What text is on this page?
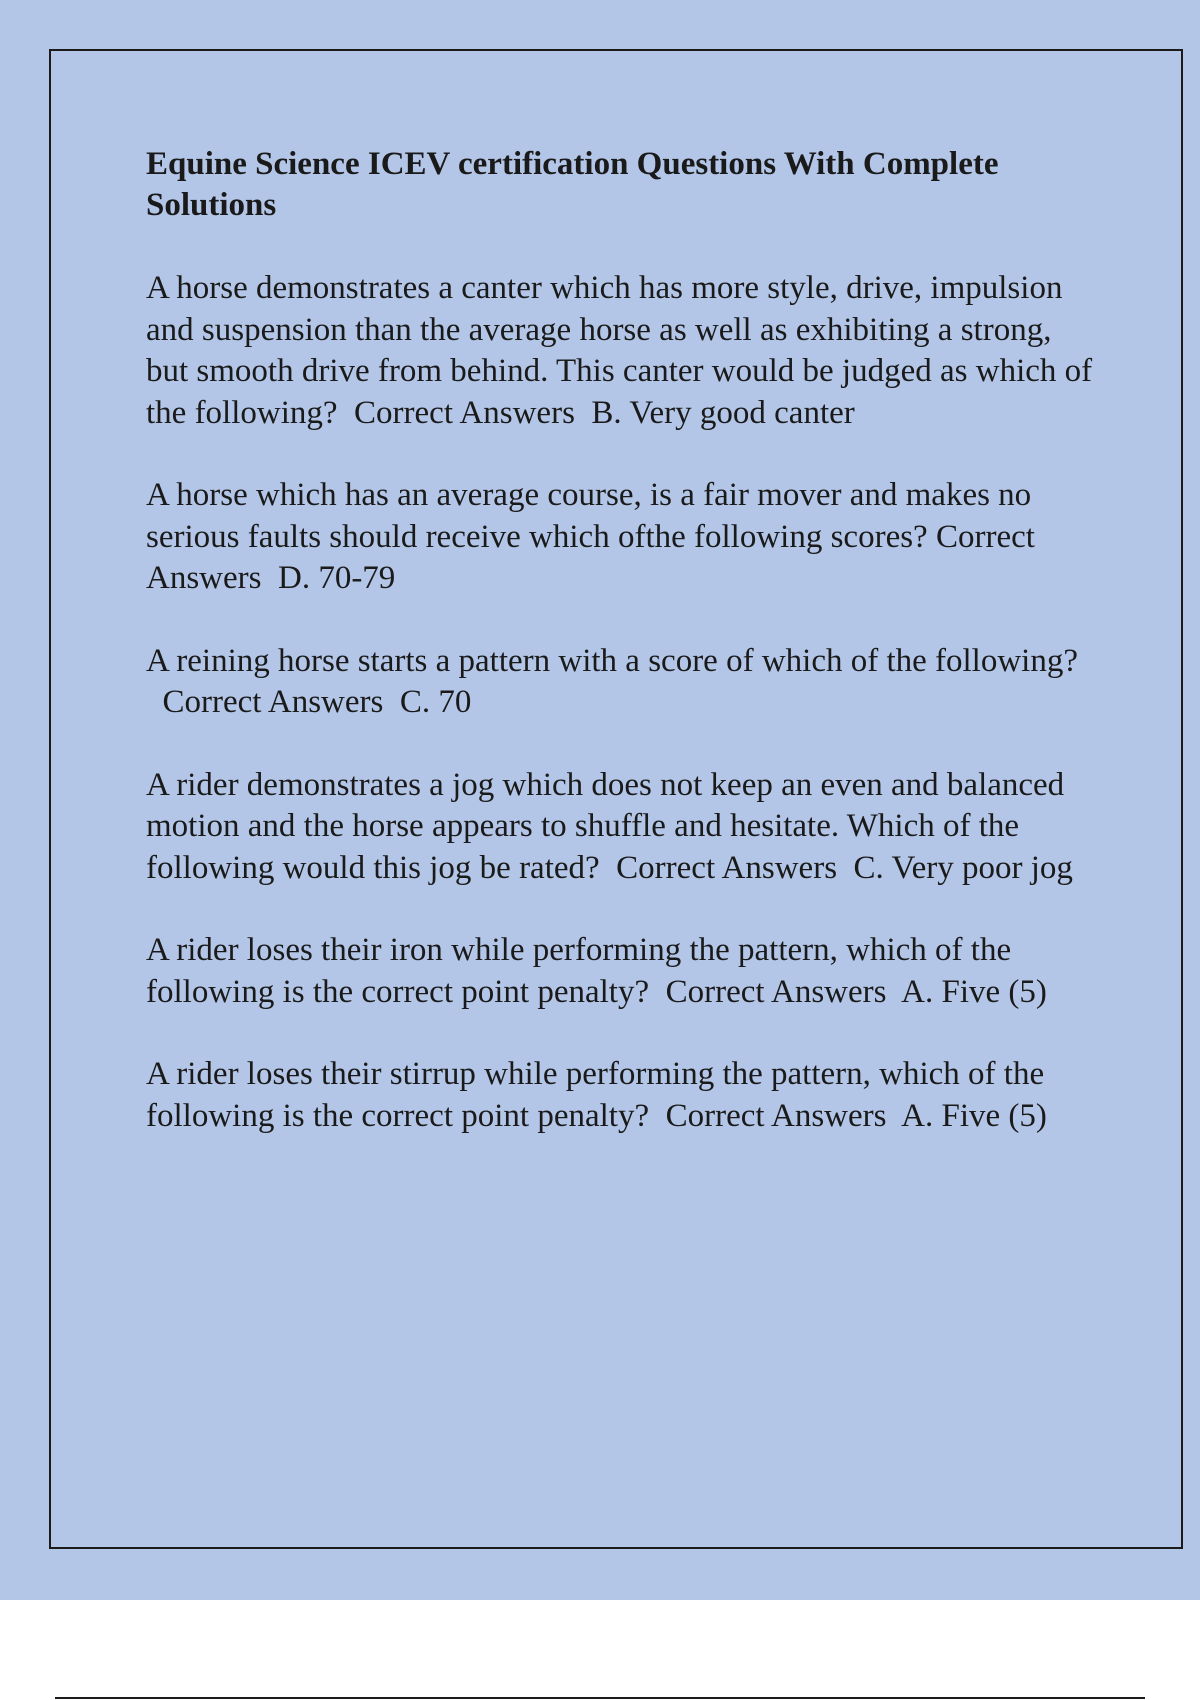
Equine Science ICEV certification Questions With Complete Solutions

A horse demonstrates a canter which has more style, drive, impulsion and suspension than the average horse as well as exhibiting a strong, but smooth drive from behind. This canter would be judged as which of the following? Correct Answers B. Very good canter

A horse which has an average course, is a fair mover and makes no serious faults should receive which ofthe following scores? Correct Answers D. 70-79

A reining horse starts a pattern with a score of which of the following?  Correct Answers C. 70

A rider demonstrates a jog which does not keep an even and balanced motion and the horse appears to shuffle and hesitate. Which of the following would this jog be rated? Correct Answers C. Very poor jog

A rider loses their iron while performing the pattern, which of the following is the correct point penalty? Correct Answers A. Five (5)

A rider loses their stirrup while performing the pattern, which of the following is the correct point penalty? Correct Answers A. Five (5)
